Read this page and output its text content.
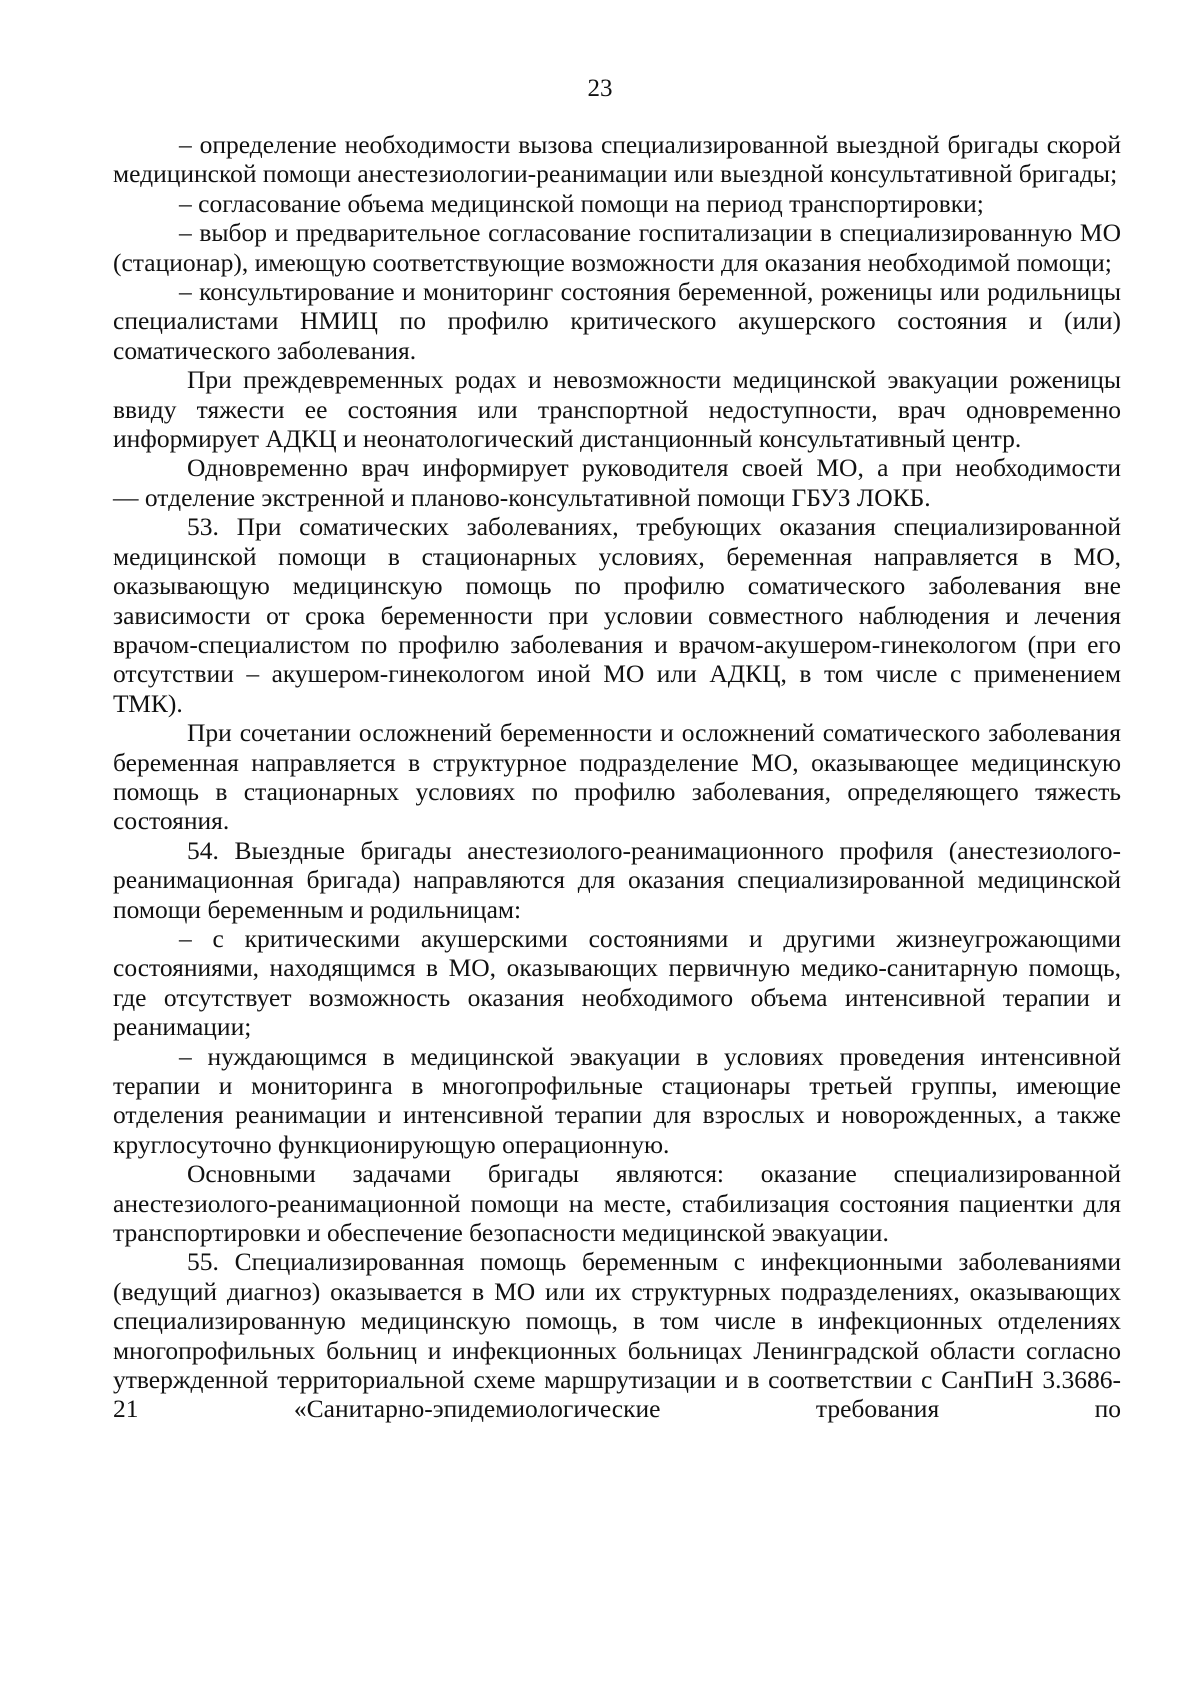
23

– определение необходимости вызова специализированной выездной бригады скорой медицинской помощи анестезиологии-реанимации или выездной консультативной бригады;

– согласование объема медицинской помощи на период транспортировки;

– выбор и предварительное согласование госпитализации в специализированную МО (стационар), имеющую соответствующие возможности для оказания необходимой помощи;

– консультирование и мониторинг состояния беременной, роженицы или родильницы специалистами НМИЦ по профилю критического акушерского состояния и (или) соматического заболевания.

При преждевременных родах и невозможности медицинской эвакуации роженицы ввиду тяжести ее состояния или транспортной недоступности, врач одновременно информирует АДКЦ и неонатологический дистанционный консультативный центр.

Одновременно врач информирует руководителя своей МО, а при необходимости

— отделение экстренной и планово-консультативной помощи ГБУЗ ЛОКБ.

53. При соматических заболеваниях, требующих оказания специализированной медицинской помощи в стационарных условиях, беременная направляется в МО, оказывающую медицинскую помощь по профилю соматического заболевания вне зависимости от срока беременности при условии совместного наблюдения и лечения врачом-специалистом по профилю заболевания и врачом-акушером-гинекологом (при его отсутствии – акушером-гинекологом иной МО или АДКЦ, в том числе с применением ТМК).

При сочетании осложнений беременности и осложнений соматического заболевания беременная направляется в структурное подразделение МО, оказывающее медицинскую помощь в стационарных условиях по профилю заболевания, определяющего тяжесть состояния.

54. Выездные бригады анестезиолого-реанимационного профиля (анестезиолого-реанимационная бригада) направляются для оказания специализированной медицинской помощи беременным и родильницам:

– с критическими акушерскими состояниями и другими жизнеугрожающими состояниями, находящимся в МО, оказывающих первичную медико-санитарную помощь, где отсутствует возможность оказания необходимого объема интенсивной терапии и реанимации;

– нуждающимся в медицинской эвакуации в условиях проведения интенсивной терапии и мониторинга в многопрофильные стационары третьей группы, имеющие отделения реанимации и интенсивной терапии для взрослых и новорожденных, а также круглосуточно функционирующую операционную.

Основными задачами бригады являются: оказание специализированной анестезиолого-реанимационной помощи на месте, стабилизация состояния пациентки для транспортировки и обеспечение безопасности медицинской эвакуации.

55. Специализированная помощь беременным с инфекционными заболеваниями (ведущий диагноз) оказывается в МО или их структурных подразделениях, оказывающих специализированную медицинскую помощь, в том числе в инфекционных отделениях многопрофильных больниц и инфекционных больницах Ленинградской области согласно утвержденной территориальной схеме маршрутизации и в соответствии с СанПиН 3.3686-21 «Санитарно-эпидемиологические требования по
